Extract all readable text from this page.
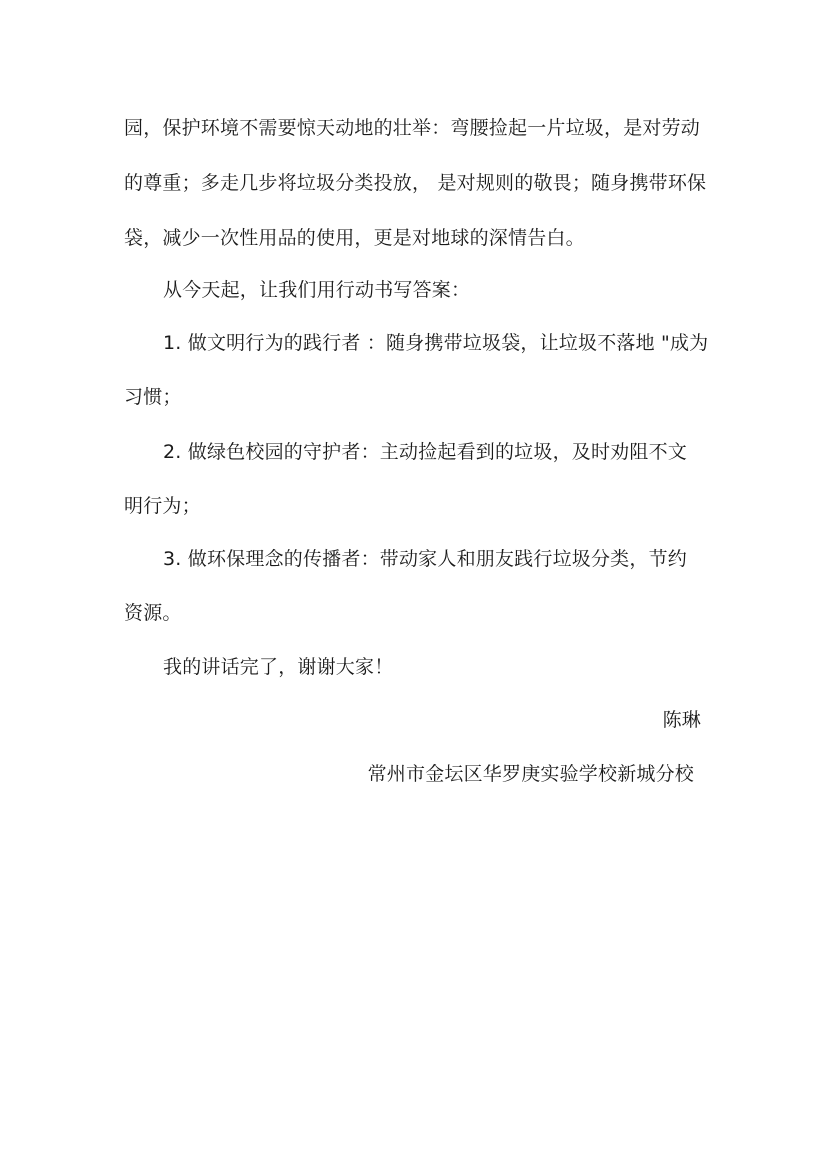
园，保护环境不需要惊天动地的壮举：弯腰捡起一片垃圾，是对劳动
的尊重；多走几步将垃圾分类投放， 是对规则的敬畏；随身携带环保
袋，减少一次性用品的使用，更是对地球的深情告白。
从今天起，让我们用行动书写答案：
1. 做文明行为的践行者 ：随身携带垃圾袋，让垃圾不落地 "成为
习惯；
2. 做绿色校园的守护者：主动捡起看到的垃圾，及时劝阻不文
明行为；
3. 做环保理念的传播者：带动家人和朋友践行垃圾分类，节约
资源。
我的讲话完了，谢谢大家！
陈琳
常州市金坛区华罗庚实验学校新城分校
